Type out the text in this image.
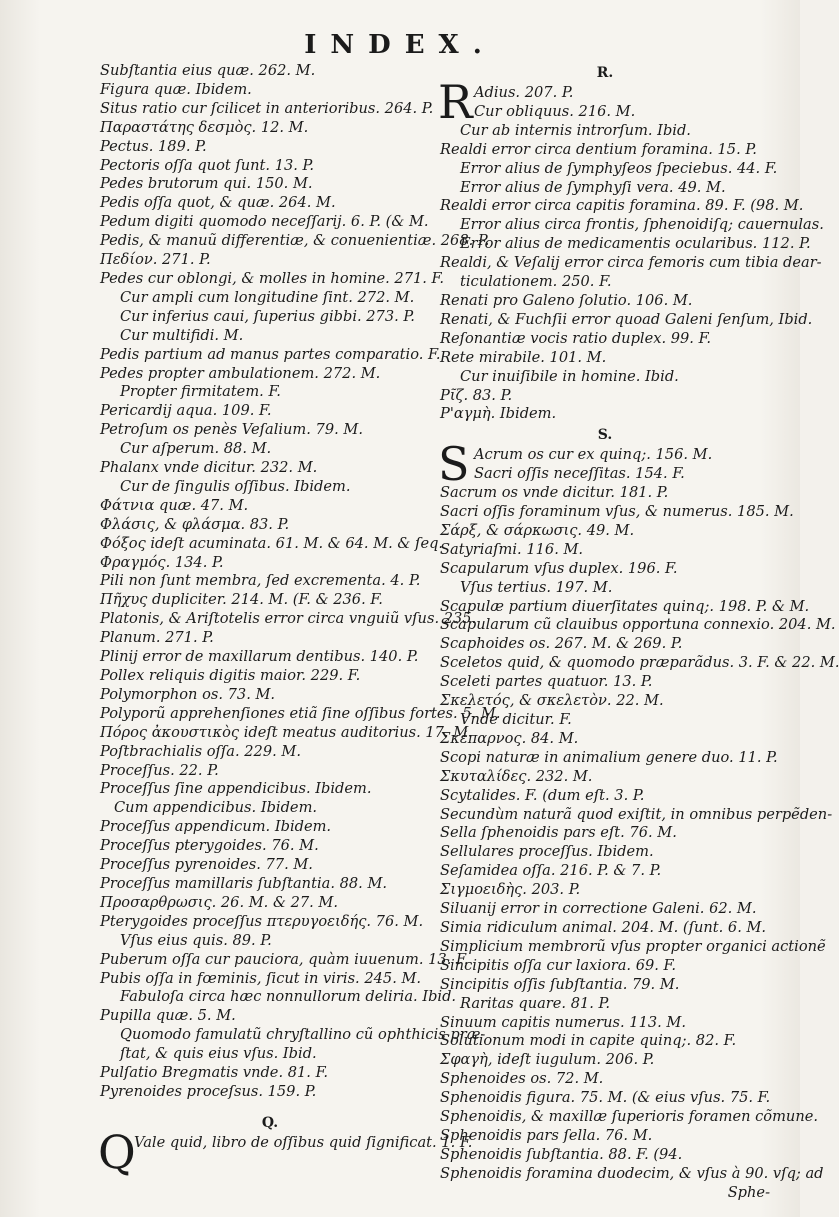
INDEX.
Subſtantia eius quæ. 262. M.
Figura quæ. Ibidem.
Situs ratio cur ſcilicet in anterioribus. 264. P.
Παραστάτης δεσμὸς. 12. M.
Pectus. 189. P.
Pectoris oſſa quot ſunt. 13. P.
Pedes brutorum qui. 150. M.
Pedis oſſa quot, & quæ. 264. M.
Pedum digiti quomodo neceſſarij. 6. P. (& M.
Pedis, & manuũ differentiæ, & conuenientiæ. 268. P.
Πεδίον. 271. P.
Pedes cur oblongi, & molles in homine. 271. F.
Cur ampli cum longitudine ſint. 272. M.
Cur inferius caui, ſuperius gibbi. 273. P.
Cur multifidi. M.
Pedis partium ad manus partes comparatio. F.
Pedes propter ambulationem. 272. M.
Propter firmitatem. F.
Pericardij aqua. 109. F.
Petroſum os penès Veſalium. 79. M.
Cur aſperum. 88. M.
Phalanx vnde dicitur. 232. M.
Cur de ſingulis oſſibus. Ibidem.
Φάτνια quæ. 47. M.
Φλάσις, & φλάσμα. 83. P.
Φόξος ideſt acuminata. 61. M. & 64. M. & ſeq.
Φραγμός. 134. P.
Pili non ſunt membra, ſed excrementa. 4. P.
Πῆχυς dupliciter. 214. M. (F. & 236. F.
Platonis, & Ariſtotelis error circa vnguiũ vſus. 235.
Planum. 271. P.
Plinij error de maxillarum dentibus. 140. P.
Pollex reliquis digitis maior. 229. F.
Polymorphon os. 73. M.
Polyporũ apprehenſiones etiã ſine oſſibus fortes. 5. M.
Πόρος ἀκουστικὸς ideſt meatus auditorius. 17. M.
Poſtbrachialis oſſa. 229. M.
Proceſſus. 22. P.
Proceſſus ſine appendicibus. Ibidem.
Cum appendicibus. Ibidem.
Proceſſus appendicum. Ibidem.
Proceſſus pterygoides. 76. M.
Proceſſus pyrenoides. 77. M.
Proceſſus mamillaris ſubſtantia. 88. M.
Προσαρθρωσις. 26. M. & 27. M.
Pterygoides proceſſus πτερυγοειδής. 76. M.
Vſus eius quis. 89. P.
Puberum oſſa cur pauciora, quàm iuuenum. 13. F.
Pubis oſſa in fœminis, ſicut in viris. 245. M.
Fabuloſa circa hæc nonnullorum deliria. Ibid.
Pupilla quæ. 5. M.
Quomodo famulatũ chryſtallino cũ ophthicis præ-
ſtat, & quis eius vſus. Ibid.
Pulſatio Bregmatis vnde. 81. F.
Pyrenoides proceſsus. 159. P.
Q.
Q
Vale quid, libro de oſſibus quid ſignificat. 1. F.
R.
R Adius. 207. P.
Cur obliquus. 216. M.
Cur ab internis introrſum. Ibid.
Realdi error circa dentium foramina. 15. P.
Error alius de ſymphyſeos ſpeciebus. 44. F.
Error alius de ſymphyſi vera. 49. M.
Realdi error circa capitis foramina. 89. F. (98. M.
Error alius circa frontis, ſphenoidiſq; cauernulas.
Error alius de medicamentis ocularibus. 112. P.
Realdi, & Veſalij error circa femoris cum tibia dear-
ticulationem. 250. F.
Renati pro Galeno ſolutio. 106. M.
Renati, & Fuchſii error quoad Galeni ſenſum, Ibid.
Reſonantiæ vocis ratio duplex. 99. F.
Rete mirabile. 101. M.
Cur inuiſibile in homine. Ibid.
Ρῖζ. 83. P.
Ρ'αγμὴ. Ibidem.
S.
S Acrum os cur ex quinq;. 156. M.
Sacri oſſis neceſſitas. 154. F.
Sacrum os vnde dicitur. 181. P.
Sacri oſſis foraminum vſus, & numerus. 185. M.
Σάρξ, & σάρκωσις. 49. M.
Satyriaſmi. 116. M.
Scapularum vſus duplex. 196. F.
Vſus tertius. 197. M.
Scapulæ partium diuerſitates quinq;. 198. P. & M.
Scapularum cũ clauibus opportuna connexio. 204. M.
Scaphoides os. 267. M. & 269. P.
Sceletos quid, & quomodo præparãdus. 3. F. & 22. M.
Sceleti partes quatuor. 13. P.
Σκελετός, & σκελετὸν. 22. M.
Vnde dicitur. F.
Σκέπαρνος. 84. M.
Scopi naturæ in animalium genere duo. 11. P.
Σκυταλίδες. 232. M.
Scytalides. F. (dum eſt. 3. P.
Secundùm naturã quod exiſtit, in omnibus perpẽden-
Sella ſphenoidis pars eſt. 76. M.
Sellulares proceſſus. Ibidem.
Seſamidea oſſa. 216. P. & 7. P.
Σιγμοειδὴς. 203. P.
Siluanij error in correctione Galeni. 62. M.
Simia ridiculum animal. 204. M. (ſunt. 6. M.
Simplicium membrorũ vſus propter organici actionẽ
Sincipitis oſſa cur laxiora. 69. F.
Sincipitis oſſis ſubſtantia. 79. M.
Raritas quare. 81. P.
Sinuum capitis numerus. 113. M.
Solutionum modi in capite quinq;. 82. F.
Σφαγὴ, ideſt iugulum. 206. P.
Sphenoides os. 72. M.
Sphenoidis figura. 75. M. (& eius vſus. 75. F.
Sphenoidis, & maxillæ ſuperioris foramen cõmune.
Sphenoidis pars ſella. 76. M.
Sphenoidis ſubſtantia. 88. F. (94.
Sphenoidis foramina duodecim, & vſus à 90. vſq; ad
Sphe-
